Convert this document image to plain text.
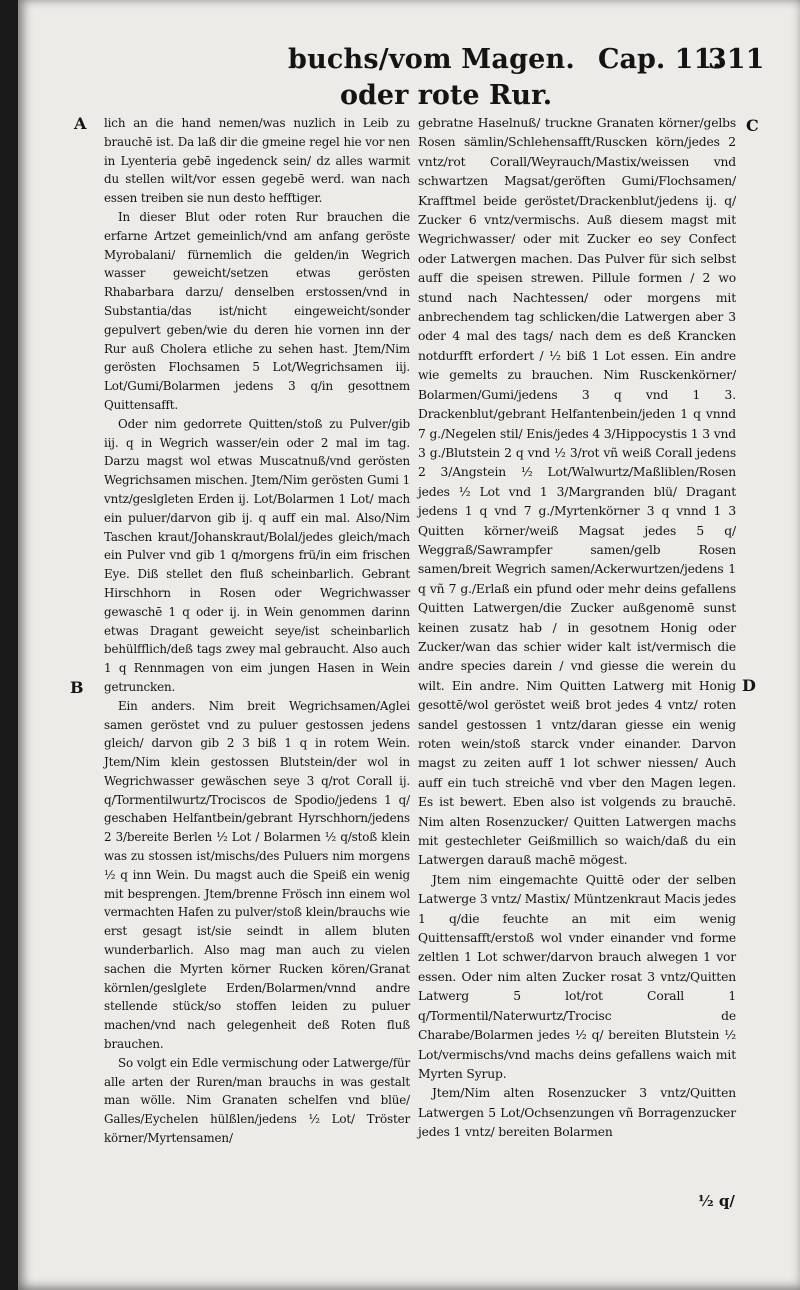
buchs/vom Magen. Cap. 11.
311
oder rote Rur.
A
B
C
D

lich an die hand nemen/was nuzlich in Leib zu brauchē ist. Da laß dir die gmeine regel hie vor nen in Lyenteria gebē ingedenck sein/ dz alles warmit du stellen wilt/vor essen gegebē werd. wan nach essen treiben sie nun desto hefftiger.

In dieser Blut oder roten Rur brauchen die erfarne Artzet gemeinlich/vnd am anfang geröste Myrobalani/ fürnemlich die gelden/in Wegrich wasser geweicht/setzen etwas gerösten Rhabarbara darzu/ denselben erstossen/vnd in Substantia/das ist/nicht eingeweicht/sonder gepulvert geben/wie du deren hie vornen inn der Rur auß Cholera etliche zu sehen hast. Jtem/Nim gerösten Flochsamen 5 Lot/Wegrichsamen iij. Lot/Gumi/Bolarmen jedens 3 q/in gesottnem Quittensafft.

Oder nim gedorrete Quitten/stoß zu Pulver/gib iij. q in Wegrich wasser/ein oder 2 mal im tag. Darzu magst wol etwas Muscatnuß/vnd gerösten Wegrichsamen mischen. Jtem/Nim gerösten Gumi 1 vntz/geslgleten Erden ij. Lot/Bolarmen 1 Lot/ mach ein puluer/darvon gib ij. q auff ein mal. Also/Nim Taschen kraut/Johanskraut/Bolal/jedes gleich/mach ein Pulver vnd gib 1 q/morgens frü/in eim frischen Eye. Diß stellet den fluß scheinbarlich. Gebrant Hirschhorn in Rosen oder Wegrichwasser gewaschē 1 q oder ij. in Wein genommen darinn etwas Dragant geweicht seye/ist scheinbarlich behülfflich/deß tags zwey mal gebraucht. Also auch 1 q Rennmagen von eim jungen Hasen in Wein getruncken.

Ein anders. Nim breit Wegrichsamen/Aglei samen geröstet vnd zu puluer gestossen jedens gleich/ darvon gib 2 3 biß 1 q in rotem Wein. Jtem/Nim klein gestossen Blutstein/der wol in Wegrichwasser gewäschen seye 3 q/rot Corall ij. q/Tormentilwurtz/Trociscos de Spodio/jedens 1 q/ geschaben Helfantbein/gebrant Hyrschhorn/jedens 2 3/bereite Berlen ½ Lot / Bolarmen ½ q/stoß klein was zu stossen ist/mischs/des Puluers nim morgens ½ q inn Wein. Du magst auch die Speiß ein wenig mit besprengen. Jtem/brenne Frösch inn einem wol vermachten Hafen zu pulver/stoß klein/brauchs wie erst gesagt ist/sie seindt in allem bluten wunderbarlich. Also mag man auch zu vielen sachen die Myrten körner Rucken kören/Granat körnlen/geslglete Erden/Bolarmen/vnnd andre stellende stück/so stoffen leiden zu puluer machen/vnd nach gelegenheit deß Roten fluß brauchen.

So volgt ein Edle vermischung oder Latwerge/für alle arten der Ruren/man brauchs in was gestalt man wölle. Nim Granaten schelfen vnd blüe/ Galles/Eychelen hülßlen/jedens ½ Lot/ Tröster körner/Myrtensamen/

gebratne Haselnuß/ truckne Granaten körner/gelbs Rosen sämlin/Schlehensafft/Ruscken körn/jedes 2 vntz/rot Corall/Weyrauch/Mastix/weissen vnd schwartzen Magsat/geröften Gumi/Flochsamen/ Krafftmel beide geröstet/Drackenblut/jedens ij. q/ Zucker 6 vntz/vermischs. Auß diesem magst mit Wegrichwasser/ oder mit Zucker eo sey Confect oder Latwergen machen. Das Pulver für sich selbst auff die speisen strewen. Pillule formen / 2 wo stund nach Nachtessen/ oder morgens mit anbrechendem tag schlicken/die Latwergen aber 3 oder 4 mal des tags/ nach dem es deß Krancken notdurfft erfordert / ½ biß 1 Lot essen. Ein andre wie gemelts zu brauchen. Nim Rusckenkörner/ Bolarmen/Gumi/jedens 3 q vnd 1 3. Drackenblut/gebrant Helfantenbein/jeden 1 q vnnd 7 g./Negelen stil/ Enis/jedes 4 3/Hippocystis 1 3 vnd 3 g./Blutstein 2 q vnd ½ 3/rot vñ weiß Corall jedens 2 3/Angstein ½ Lot/Walwurtz/Maßliblen/Rosen jedes ½ Lot vnd 1 3/Margranden blü/ Dragant jedens 1 q vnd 7 g./Myrtenkörner 3 q vnnd 1 3 Quitten körner/weiß Magsat jedes 5 q/ Weggraß/Sawrampfer samen/gelb Rosen samen/breit Wegrich samen/Ackerwurtzen/jedens 1 q vñ 7 g./Erlaß ein pfund oder mehr deins gefallens Quitten Latwergen/die Zucker außgenomē sunst keinen zusatz hab / in gesotnem Honig oder Zucker/wan das schier wider kalt ist/vermisch die andre species darein / vnd giesse die werein du wilt. Ein andre. Nim Quitten Latwerg mit Honig gesottē/wol geröstet weiß brot jedes 4 vntz/ roten sandel gestossen 1 vntz/daran giesse ein wenig roten wein/stoß starck vnder einander. Darvon magst zu zeiten auff 1 lot schwer niessen/ Auch auff ein tuch streichē vnd vber den Magen legen. Es ist bewert. Eben also ist volgends zu brauchē. Nim alten Rosenzucker/ Quitten Latwergen machs mit gestechleter Geißmillich so waich/daß du ein Latwergen darauß machē mögest.

Jtem nim eingemachte Quittē oder der selben Latwerge 3 vntz/ Mastix/ Müntzenkraut Macis jedes 1 q/die feuchte an mit eim wenig Quittensafft/erstoß wol vnder einander vnd forme zeltlen 1 Lot schwer/darvon brauch alwegen 1 vor essen. Oder nim alten Zucker rosat 3 vntz/Quitten Latwerg 5 lot/rot Corall 1 q/Tormentil/Naterwurtz/Trocisc de Charabe/Bolarmen jedes ½ q/ bereiten Blutstein ½ Lot/vermischs/vnd machs deins gefallens waich mit Myrten Syrup.

Jtem/Nim alten Rosenzucker 3 vntz/Quitten Latwergen 5 Lot/Ochsenzungen vñ Borragenzucker jedes 1 vntz/ bereiten Bolarmen

½ q/
